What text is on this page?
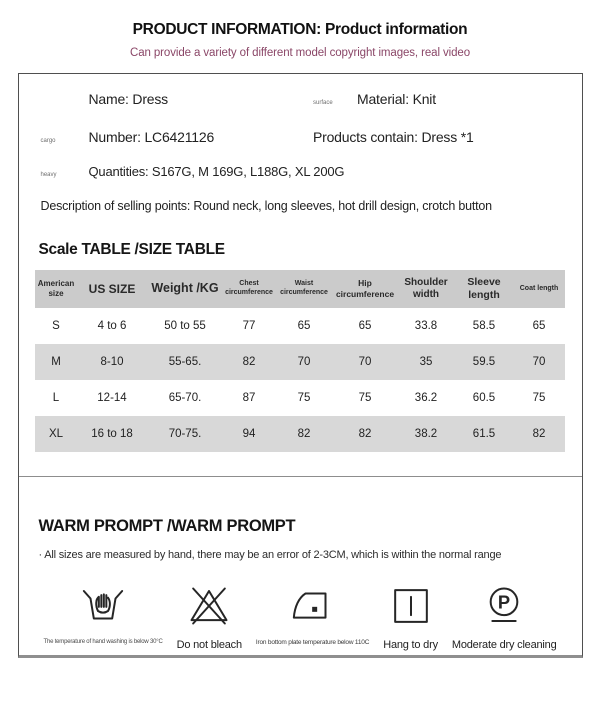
PRODUCT INFORMATION: Product information
Can provide a variety of different model copyright images, real video
Name: Dress	surface	Material: Knit
cargo	Number: LC6421126	Products contain: Dress *1
heavy	Quantities: S167G, M 169G, L188G, XL 200G
Description of selling points: Round neck, long sleeves, hot drill design, crotch button
Scale TABLE /SIZE TABLE
American size	US SIZE	Weight /KG	Chest circumference	Waist circumference	Hip circumference	Shoulder width	Sleeve length	Coat length
S	4 to 6	50 to 55	77	65	65	33.8	58.5	65
M	8-10	55-65.	82	70	70	35	59.5	70
L	12-14	65-70.	87	75	75	36.2	60.5	75
XL	16 to 18	70-75.	94	82	82	38.2	61.5	82
WARM PROMPT /WARM PROMPT
· All sizes are measured by hand, there may be an error of 2-3CM, which is within the normal range
The temperature of hand washing is below 30°C Do not bleach Iron bottom plate temperature below 110C Hang to dry
P
Moderate dry cleaning
